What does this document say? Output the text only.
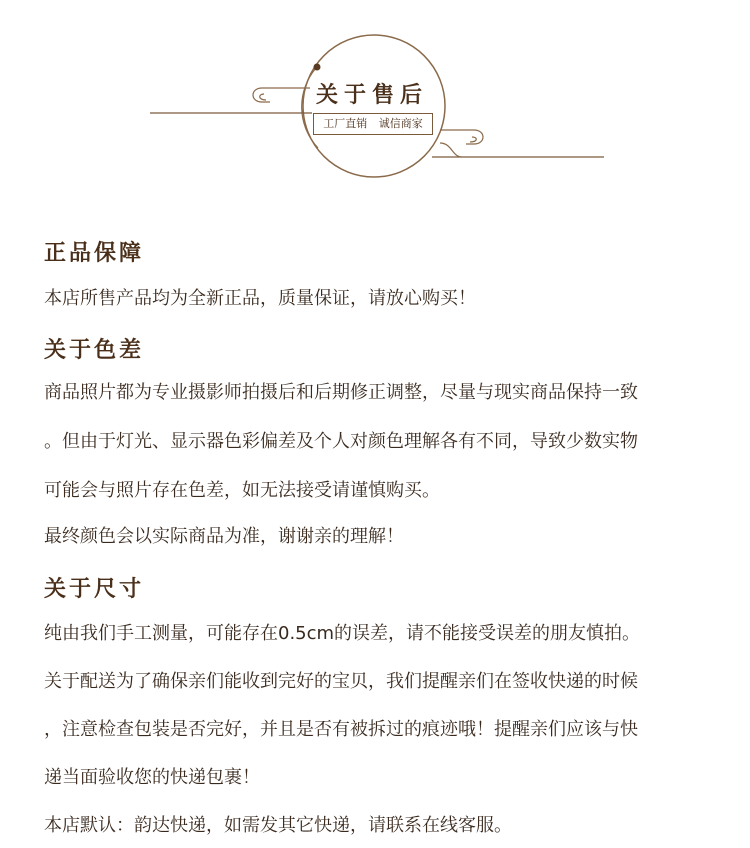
关于售后
工厂直销 诚信商家
正品保障
本店所售产品均为全新正品，质量保证，请放心购买！
关于色差
商品照片都为专业摄影师拍摄后和后期修正调整，尽量与现实商品保持一致
。但由于灯光、显示器色彩偏差及个人对颜色理解各有不同，导致少数实物
可能会与照片存在色差，如无法接受请谨慎购买。
最终颜色会以实际商品为准，谢谢亲的理解！
关于尺寸
纯由我们手工测量，可能存在0.5cm的误差，请不能接受误差的朋友慎拍。
关于配送为了确保亲们能收到完好的宝贝，我们提醒亲们在签收快递的时候
，注意检查包装是否完好，并且是否有被拆过的痕迹哦！提醒亲们应该与快
递当面验收您的快递包裹！
本店默认：韵达快递，如需发其它快递，请联系在线客服。
